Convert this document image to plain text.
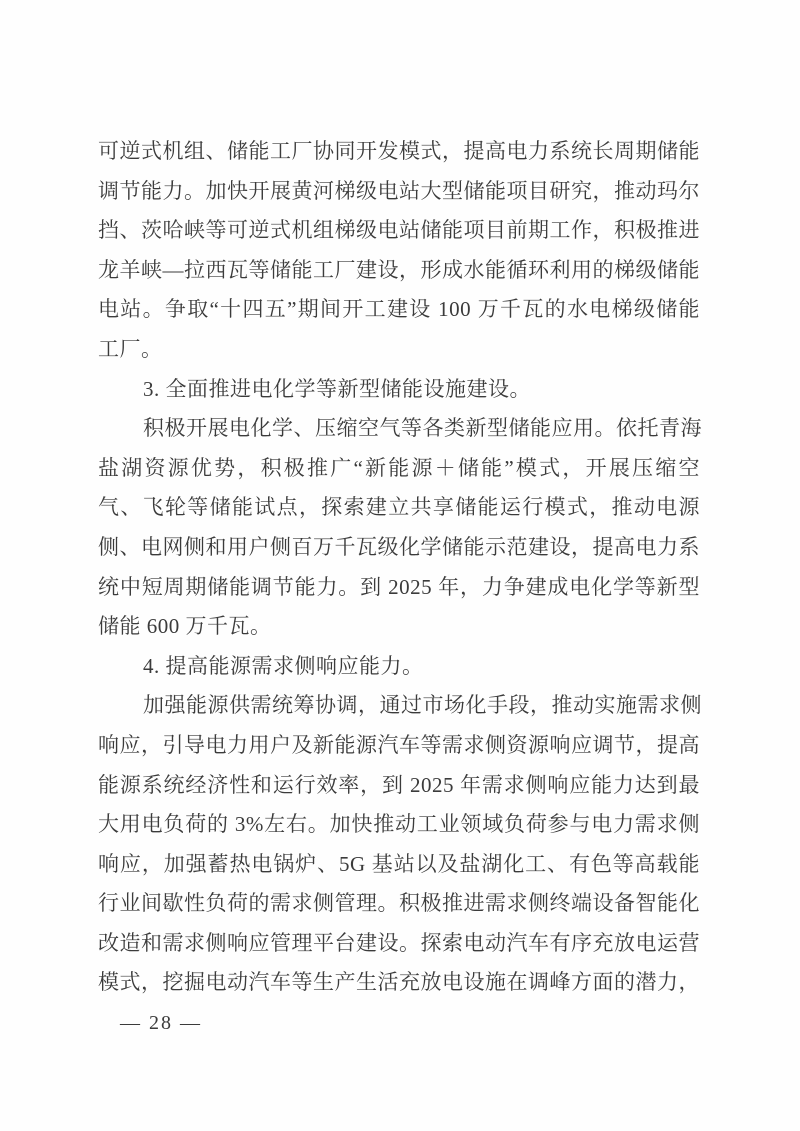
可逆式机组、储能工厂协同开发模式，提高电力系统长周期储能
调节能力。加快开展黄河梯级电站大型储能项目研究，推动玛尔
挡、茨哈峡等可逆式机组梯级电站储能项目前期工作，积极推进
龙羊峡—拉西瓦等储能工厂建设，形成水能循环利用的梯级储能
电站。争取“十四五”期间开工建设 100 万千瓦的水电梯级储能
工厂。
3. 全面推进电化学等新型储能设施建设。
积极开展电化学、压缩空气等各类新型储能应用。依托青海
盐湖资源优势，积极推广“新能源＋储能”模式，开展压缩空
气、飞轮等储能试点，探索建立共享储能运行模式，推动电源
侧、电网侧和用户侧百万千瓦级化学储能示范建设，提高电力系
统中短周期储能调节能力。到 2025 年，力争建成电化学等新型
储能 600 万千瓦。
4. 提高能源需求侧响应能力。
加强能源供需统筹协调，通过市场化手段，推动实施需求侧
响应，引导电力用户及新能源汽车等需求侧资源响应调节，提高
能源系统经济性和运行效率，到 2025 年需求侧响应能力达到最
大用电负荷的 3%左右。加快推动工业领域负荷参与电力需求侧
响应，加强蓄热电锅炉、5G 基站以及盐湖化工、有色等高载能
行业间歇性负荷的需求侧管理。积极推进需求侧终端设备智能化
改造和需求侧响应管理平台建设。探索电动汽车有序充放电运营
模式，挖掘电动汽车等生产生活充放电设施在调峰方面的潜力，
— 28 —
